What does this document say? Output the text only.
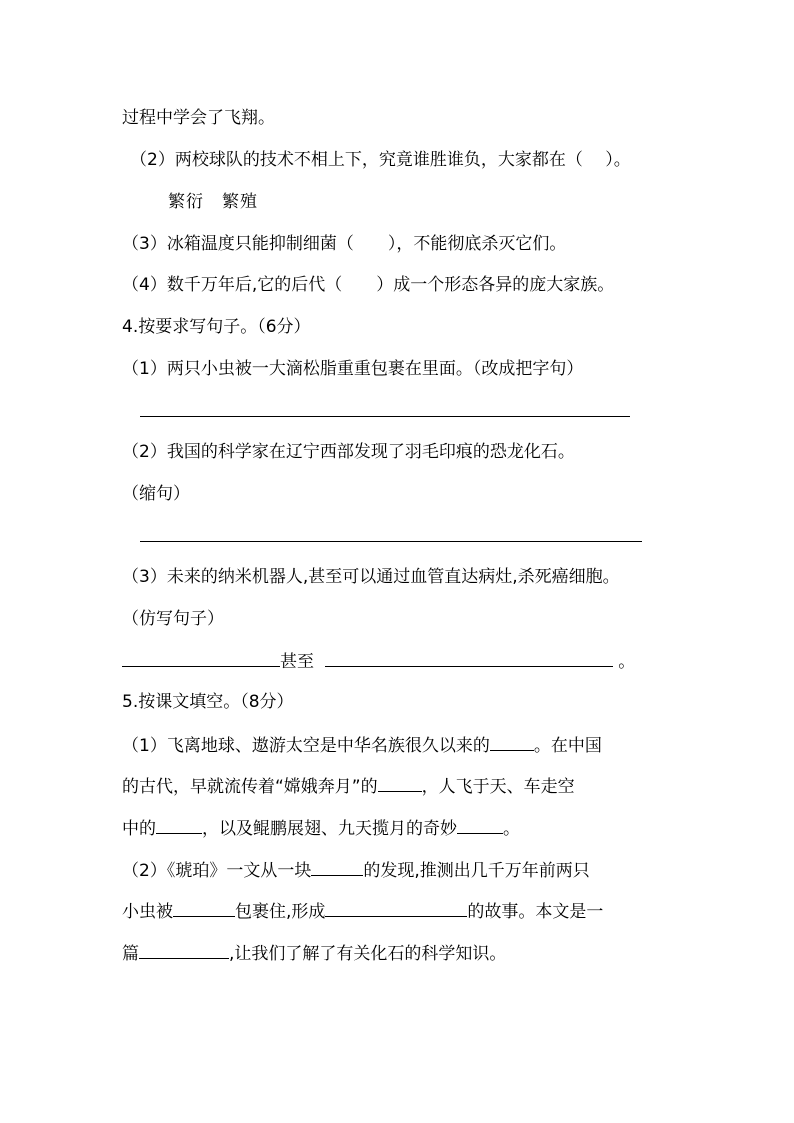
过程中学会了飞翔。

（2）两校球队的技术不相上下，究竟谁胜谁负，大家都在（　 ）。

繁衍　繁殖

（3）冰箱温度只能抑制细菌（　　），不能彻底杀灭它们。

（4）数千万年后,它的后代（　　）成一个形态各异的庞大家族。

4.按要求写句子。（6分）

（1）两只小虫被一大滴松脂重重包裹在里面。（改成把字句）

（2）我国的科学家在辽宁西部发现了羽毛印痕的恐龙化石。

（缩句）

（3）未来的纳米机器人,甚至可以通过血管直达病灶,杀死癌细胞。

（仿写句子）

甚至	。

5.按课文填空。（8分）

（1）飞离地球、遨游太空是中华名族很久以来的	。在中国

的古代，早就流传着“嫦娥奔月”的	，人飞于天、车走空

中的	，以及鲲鹏展翅、九天揽月的奇妙	。

（2）《琥珀》一文从一块	的发现,推测出几千万年前两只

小虫被	包裹住,形成	的故事。本文是一

篇	,让我们了解了有关化石的科学知识。
